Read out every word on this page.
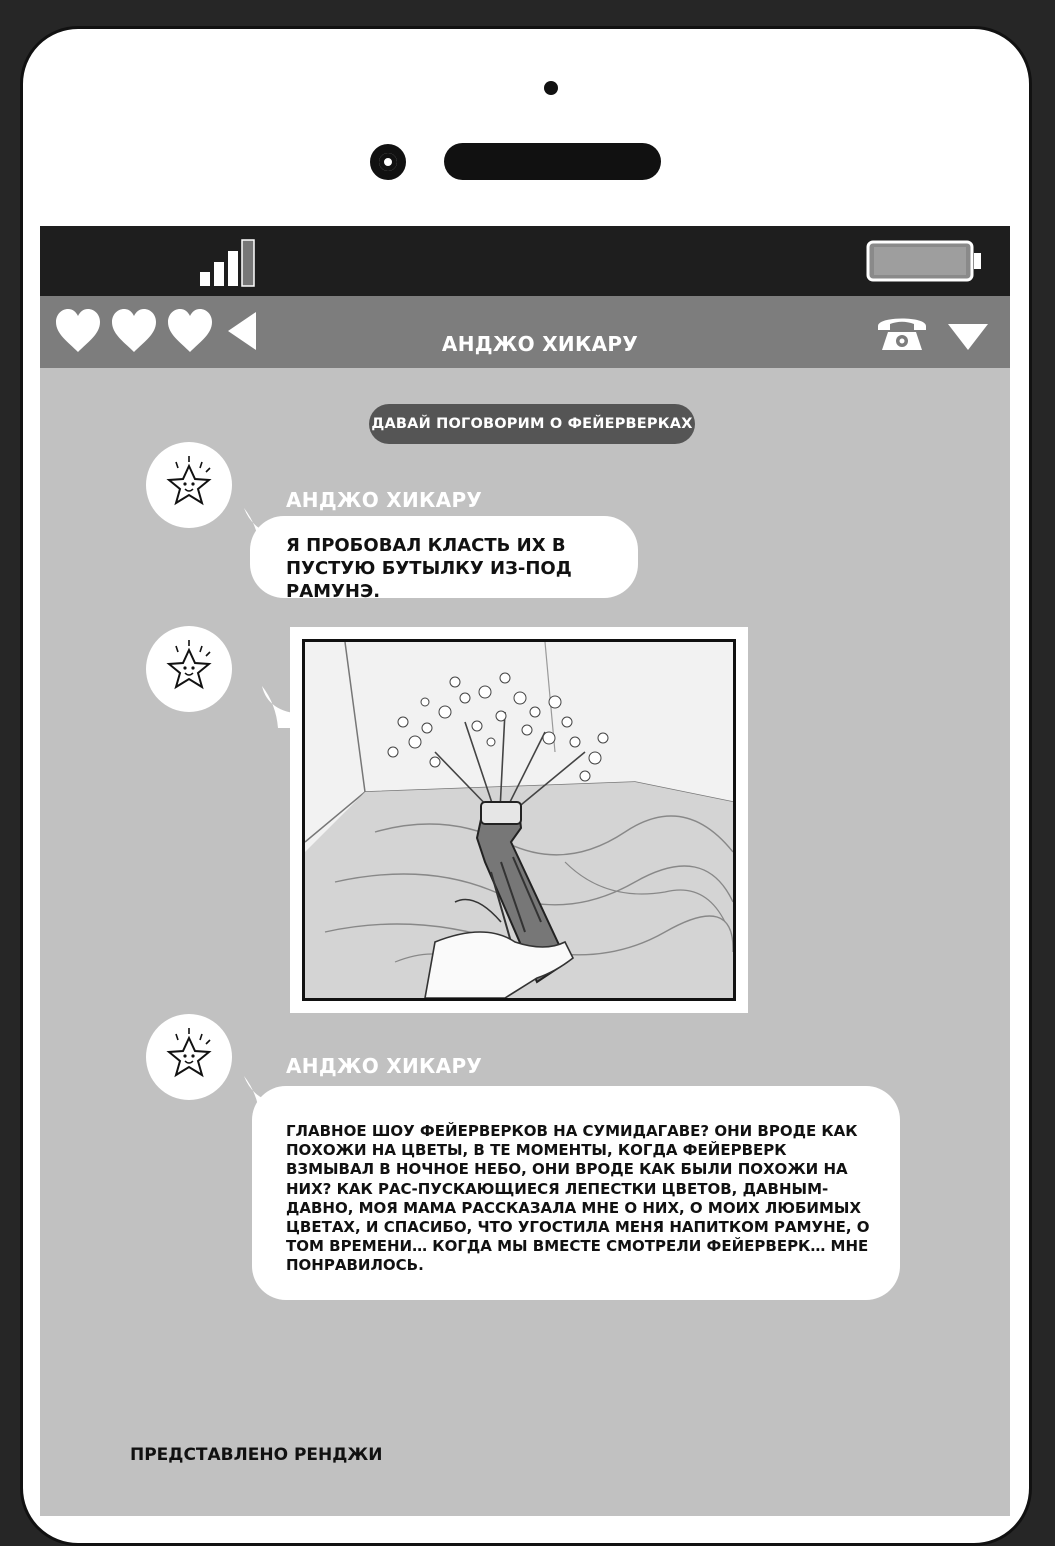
АНДЖО ХИКАРУ
ДАВАЙ ПОГОВОРИМ О ФЕЙЕРВЕРКАХ
АНДЖО ХИКАРУ
Я ПРОБОВАЛ КЛАСТЬ ИХ В ПУСТУЮ БУТЫЛКУ ИЗ-ПОД РАМУНЭ.
АНДЖО ХИКАРУ
ГЛАВНОЕ ШОУ ФЕЙЕРВЕРКОВ НА СУМИДАГАВЕ? ОНИ ВРОДЕ КАК ПОХОЖИ НА ЦВЕТЫ, В ТЕ МОМЕНТЫ, КОГДА ФЕЙЕРВЕРК ВЗМЫВАЛ В НОЧНОЕ НЕБО, ОНИ ВРОДЕ КАК БЫЛИ ПОХОЖИ НА НИХ? КАК РАС-ПУСКАЮЩИЕСЯ ЛЕПЕСТКИ ЦВЕТОВ, ДАВНЫМ-ДАВНО, МОЯ МАМА РАССКАЗАЛА МНЕ О НИХ, О МОИХ ЛЮБИМЫХ ЦВЕТАХ, И СПАСИБО, ЧТО УГОСТИЛА МЕНЯ НАПИТКОМ РАМУНЕ, О ТОМ ВРЕМЕНИ… КОГДА МЫ ВМЕСТЕ СМОТРЕЛИ ФЕЙЕРВЕРК… МНЕ ПОНРАВИЛОСЬ.
ПРЕДСТАВЛЕНО РЕНДЖИ
